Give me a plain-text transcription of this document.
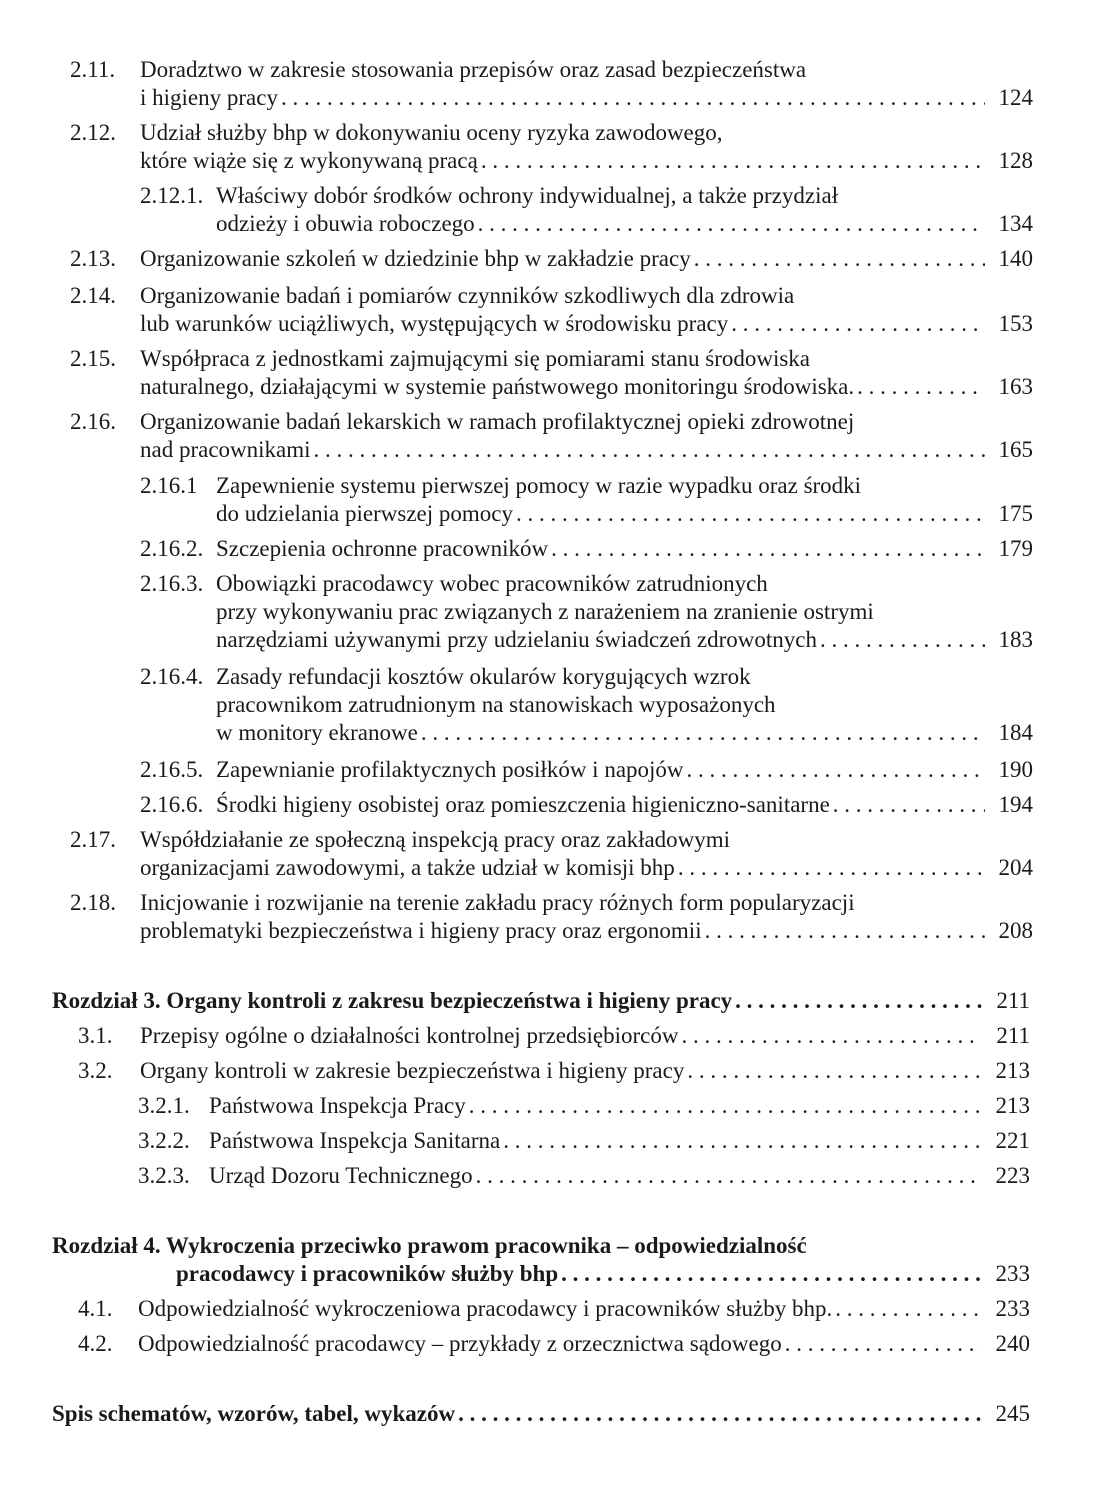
2.11. Doradztwo w zakresie stosowania przepisów oraz zasad bezpieczeństwa
i higieny pracy . . .	124
2.12. Udział służby bhp w dokonywaniu oceny ryzyka zawodowego,
które wiąże się z wykonywaną pracą . . .	128
2.12.1. Właściwy dobór środków ochrony indywidualnej, a także przydział
odzieży i obuwia roboczego . . .	134
2.13. Organizowanie szkoleń w dziedzinie bhp w zakładzie pracy . . .	140
2.14. Organizowanie badań i pomiarów czynników szkodliwych dla zdrowia
lub warunków uciążliwych, występujących w środowisku pracy . . .	153
2.15. Współpraca z jednostkami zajmującymi się pomiarami stanu środowiska
naturalnego, działającymi w systemie państwowego monitoringu środowiska. . . .	163
2.16. Organizowanie badań lekarskich w ramach profilaktycznej opieki zdrowotnej
nad pracownikami . . .	165
2.16.1 Zapewnienie systemu pierwszej pomocy w razie wypadku oraz środki
do udzielania pierwszej pomocy . . .	175
2.16.2. Szczepienia ochronne pracowników . . .	179
2.16.3. Obowiązki pracodawcy wobec pracowników zatrudnionych
przy wykonywaniu prac związanych z narażeniem na zranienie ostrymi
narzędziami używanymi przy udzielaniu świadczeń zdrowotnych . . .	183
2.16.4. Zasady refundacji kosztów okularów korygujących wzrok
pracownikom zatrudnionym na stanowiskach wyposażonych
w monitory ekranowe . . .	184
2.16.5. Zapewnianie profilaktycznych posiłków i napojów . . .	190
2.16.6. Środki higieny osobistej oraz pomieszczenia higieniczno-sanitarne . . .	194
2.17. Współdziałanie ze społeczną inspekcją pracy oraz zakładowymi
organizacjami zawodowymi, a także udział w komisji bhp . . .	204
2.18. Inicjowanie i rozwijanie na terenie zakładu pracy różnych form popularyzacji
problematyki bezpieczeństwa i higieny pracy oraz ergonomii . . .	208
Rozdział 3. Organy kontroli z zakresu bezpieczeństwa i higieny pracy . . .	211
3.1. Przepisy ogólne o działalności kontrolnej przedsiębiorców . . .	211
3.2. Organy kontroli w zakresie bezpieczeństwa i higieny pracy . . .	213
3.2.1. Państwowa Inspekcja Pracy . . .	213
3.2.2. Państwowa Inspekcja Sanitarna . . .	221
3.2.3. Urząd Dozoru Technicznego . . .	223
Rozdział 4. Wykroczenia przeciwko prawom pracownika – odpowiedzialność
pracodawcy i pracowników służby bhp . . .	233
4.1. Odpowiedzialność wykroczeniowa pracodawcy i pracowników służby bhp. . . .	233
4.2. Odpowiedzialność pracodawcy – przykłady z orzecznictwa sądowego . . .	240
Spis schematów, wzorów, tabel, wykazów . . .	245
